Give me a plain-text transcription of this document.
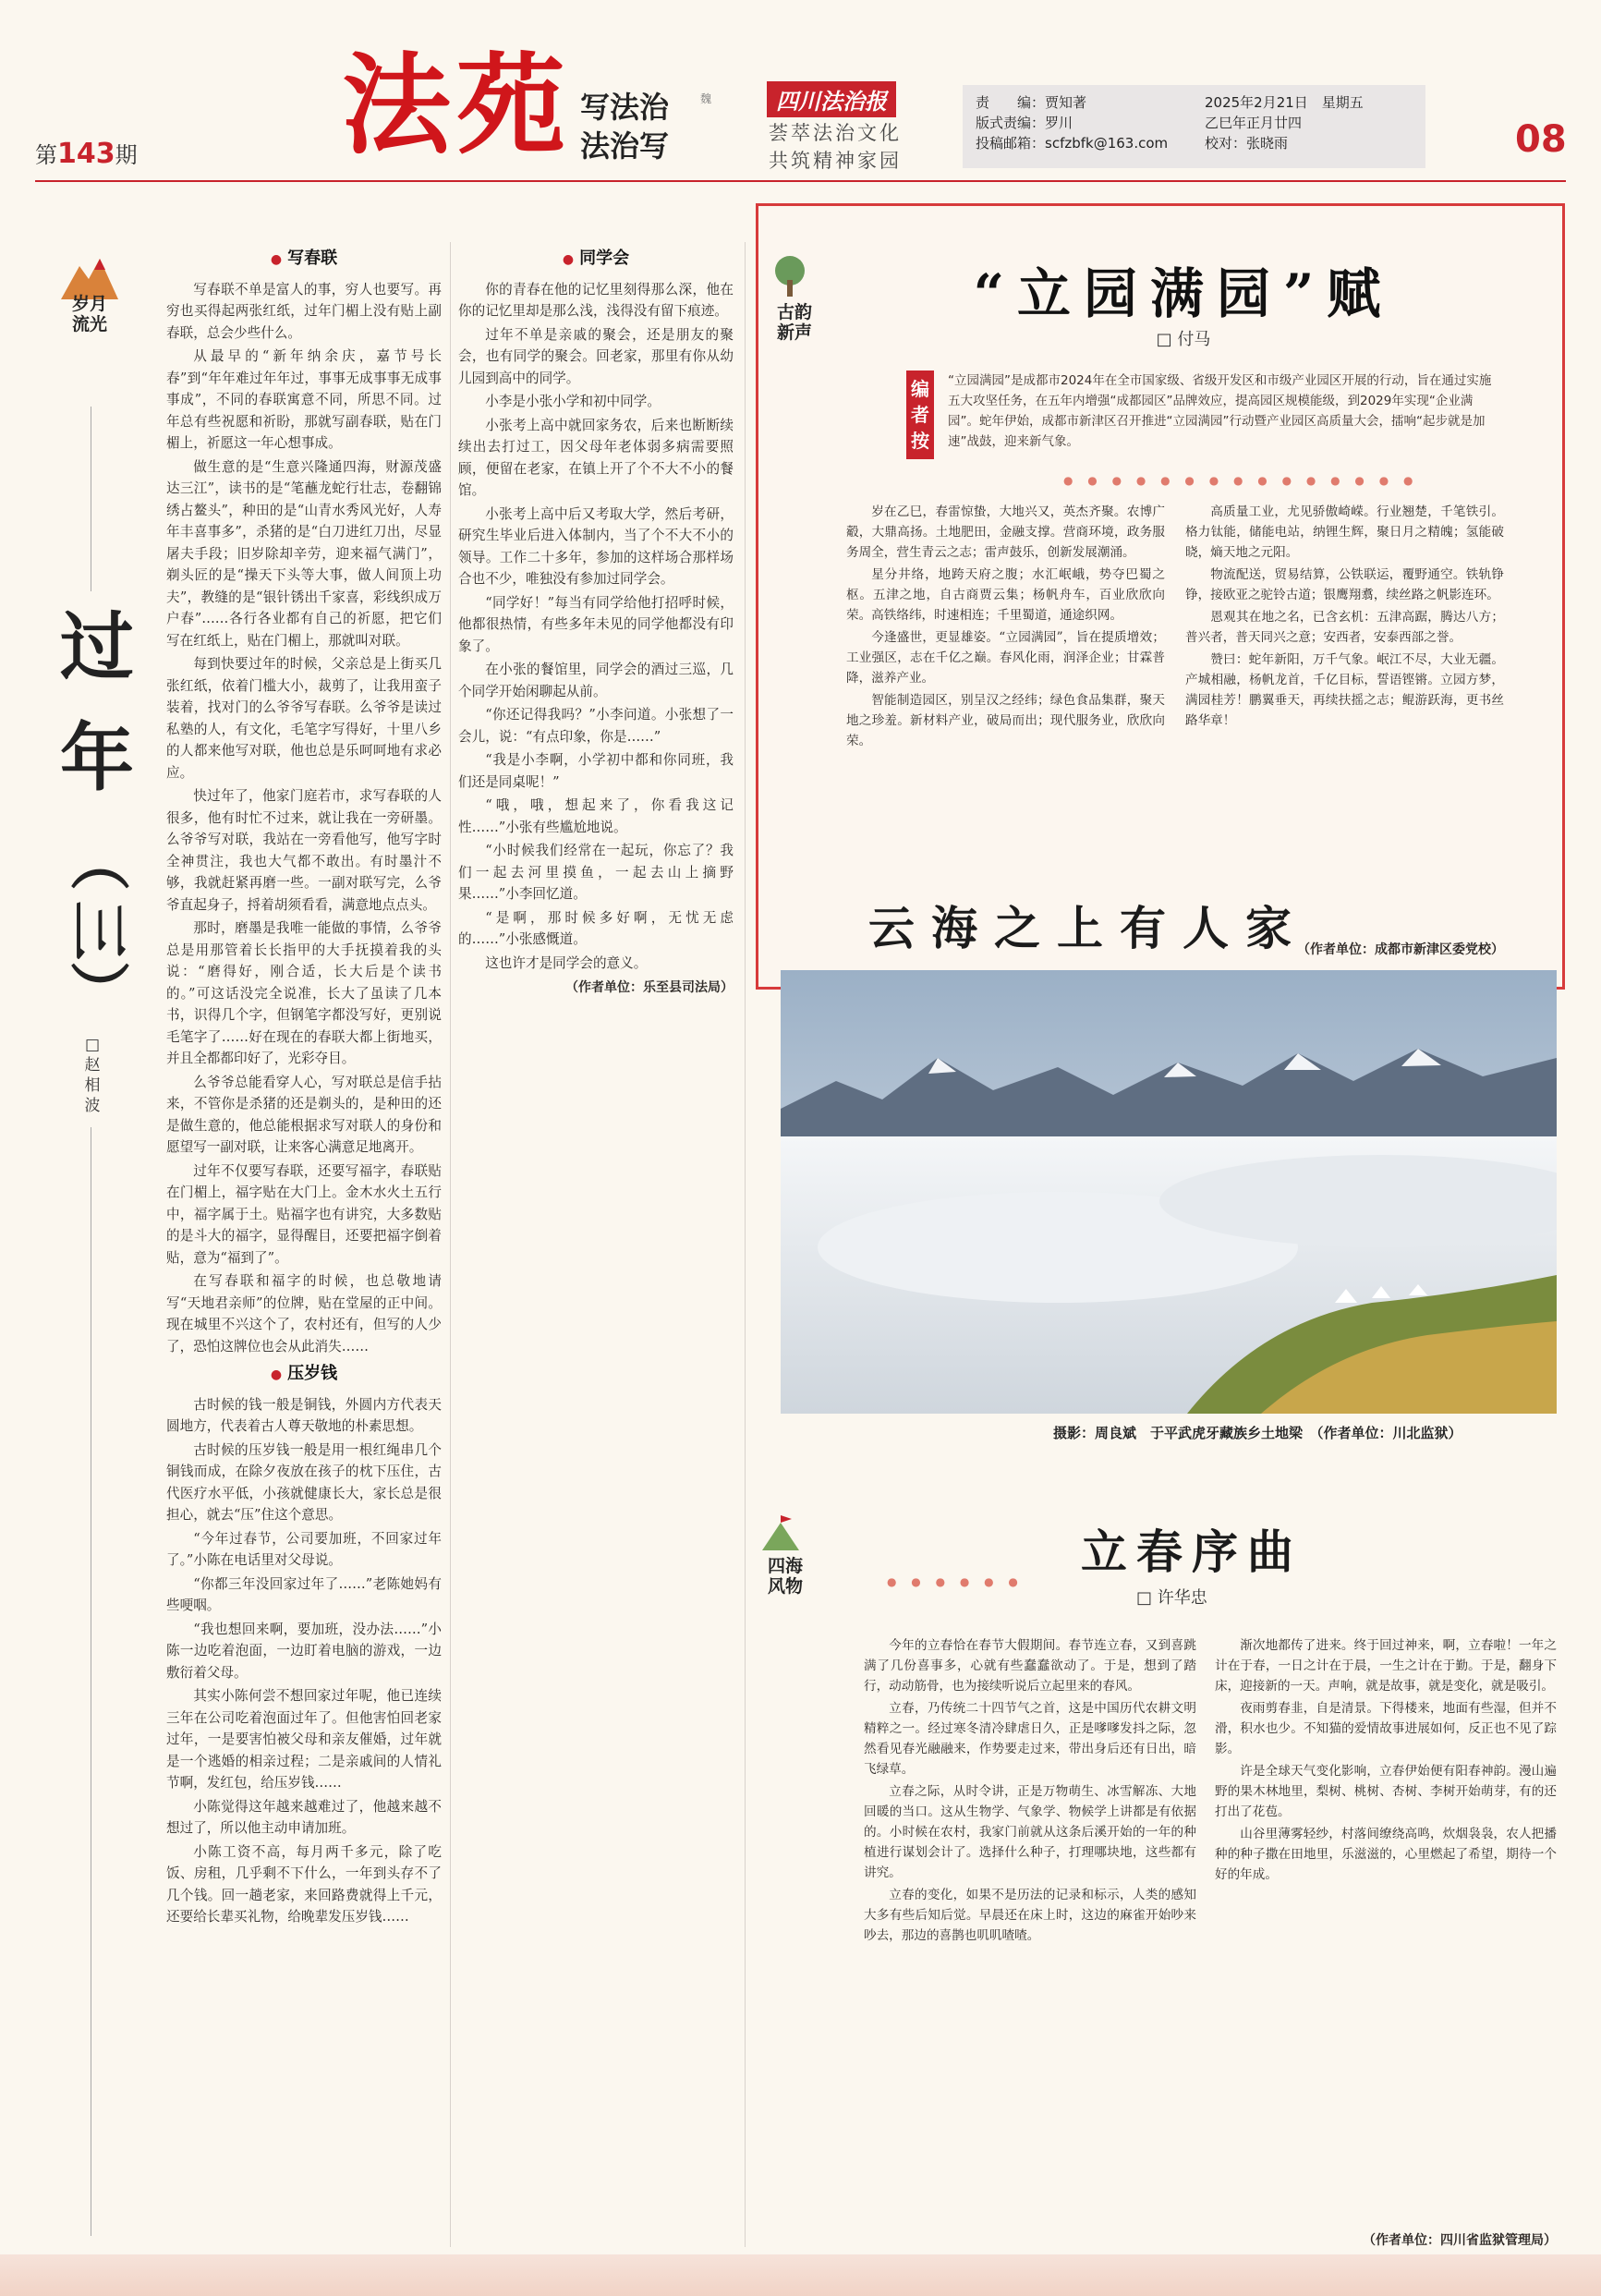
第143期 法苑 写法治
法治写
魏	四川法治报
荟萃法治文化
共筑精神家园
责　　编：贾知著
版式责编：罗川
投稿邮箱：scfzbfk@163.com
2025年2月21日　星期五
乙巳年正月廿四
校对：张晓雨	08
岁月
流光
过
年
（
三
）
□
赵
相
波
● 写春联

写春联不单是富人的事，穷人也要写。再穷也买得起两张红纸，过年门楣上没有贴上副春联，总会少些什么。

从最早的“新年纳余庆，嘉节号长春”到“年年难过年年过，事事无成事事无成事事成”，不同的春联寓意不同，所思不同。过年总有些祝愿和祈盼，那就写副春联，贴在门楣上，祈愿这一年心想事成。

做生意的是“生意兴隆通四海，财源茂盛达三江”，读书的是“笔蘸龙蛇行壮志，卷翻锦绣占鳌头”，种田的是“山青水秀风光好，人寿年丰喜事多”，杀猪的是“白刀进红刀出，尽显屠夫手段；旧岁除却辛劳，迎来福气满门”，剃头匠的是“操天下头等大事，做人间顶上功夫”，教缝的是“银针锈出千家喜，彩线织成万户春”……各行各业都有自己的祈愿，把它们写在红纸上，贴在门楣上，那就叫对联。

每到快要过年的时候，父亲总是上街买几张红纸，依着门槛大小，裁剪了，让我用蛮子装着，找对门的么爷爷写春联。么爷爷是读过私塾的人，有文化，毛笔字写得好，十里八乡的人都来他写对联，他也总是乐呵呵地有求必应。

快过年了，他家门庭若市，求写春联的人很多，他有时忙不过来，就让我在一旁研墨。么爷爷写对联，我站在一旁看他写，他写字时全神贯注，我也大气都不敢出。有时墨汁不够，我就赶紧再磨一些。一副对联写完，么爷爷直起身子，捋着胡须看看，满意地点点头。

那时，磨墨是我唯一能做的事情，么爷爷总是用那管着长长指甲的大手抚摸着我的头说：“磨得好，刚合适，长大后是个读书的。”可这话没完全说准，长大了虽读了几本书，识得几个字，但钢笔字都没写好，更别说毛笔字了……好在现在的春联大都上街地买，并且全都都印好了，光彩夺目。

么爷爷总能看穿人心，写对联总是信手拈来，不管你是杀猪的还是剃头的，是种田的还是做生意的，他总能根据求写对联人的身份和愿望写一副对联，让来客心满意足地离开。

过年不仅要写春联，还要写福字，春联贴在门楣上，福字贴在大门上。金木水火土五行中，福字属于土。贴福字也有讲究，大多数贴的是斗大的福字，显得醒目，还要把福字倒着贴，意为“福到了”。

在写春联和福字的时候，也总敬地请写“天地君亲师”的位牌，贴在堂屋的正中间。现在城里不兴这个了，农村还有，但写的人少了，恐怕这牌位也会从此消失……

● 压岁钱

古时候的钱一般是铜钱，外圆内方代表天圆地方，代表着古人尊天敬地的朴素思想。

古时候的压岁钱一般是用一根红绳串几个铜钱而成，在除夕夜放在孩子的枕下压住，古代医疗水平低，小孩就健康长大，家长总是很担心，就去“压”住这个意思。

“今年过春节，公司要加班，不回家过年了。”小陈在电话里对父母说。

“你都三年没回家过年了……”老陈她妈有些哽咽。

“我也想回来啊，要加班，没办法……”小陈一边吃着泡面，一边盯着电脑的游戏，一边敷衍着父母。

其实小陈何尝不想回家过年呢，他已连续三年在公司吃着泡面过年了。但他害怕回老家过年，一是要害怕被父母和亲友催婚，过年就是一个逃婚的相亲过程；二是亲戚间的人情礼节啊，发红包，给压岁钱……

小陈觉得这年越来越难过了，他越来越不想过了，所以他主动申请加班。

小陈工资不高，每月两千多元，除了吃饭、房租，几乎剩不下什么，一年到头存不了几个钱。回一趟老家，来回路费就得上千元，还要给长辈买礼物，给晚辈发压岁钱……

● 同学会

你的青春在他的记忆里刻得那么深，他在你的记忆里却是那么浅，浅得没有留下痕迹。

过年不单是亲戚的聚会，还是朋友的聚会，也有同学的聚会。回老家，那里有你从幼儿园到高中的同学。

小李是小张小学和初中同学。

小张考上高中就回家务农，后来也断断续续出去打过工，因父母年老体弱多病需要照顾，便留在老家，在镇上开了个不大不小的餐馆。

小张考上高中后又考取大学，然后考研，研究生毕业后进入体制内，当了个不大不小的领导。工作二十多年，参加的这样场合那样场合也不少，唯独没有参加过同学会。

“同学好！”每当有同学给他打招呼时候，他都很热情，有些多年未见的同学他都没有印象了。

在小张的餐馆里，同学会的酒过三巡，几个同学开始闲聊起从前。

“你还记得我吗？”小李问道。小张想了一会儿，说：“有点印象，你是……”

“我是小李啊，小学初中都和你同班，我们还是同桌呢！”

“哦，哦，想起来了，你看我这记性……”小张有些尴尬地说。

“小时候我们经常在一起玩，你忘了？我们一起去河里摸鱼，一起去山上摘野果……”小李回忆道。

“是啊，那时候多好啊，无忧无虑的……”小张感慨道。

这也许才是同学会的意义。

（作者单位：乐至县司法局）
古韵
新声
“立园满园”赋
□ 付马
编
者
按
“立园满园”是成都市2024年在全市国家级、省级开发区和市级产业园区开展的行动，旨在通过实施五大攻坚任务，在五年内增强“成都园区”品牌效应，提高园区规模能级，到2029年实现“企业满园”。蛇年伊始，成都市新津区召开推进“立园满园”行动暨产业园区高质量大会，擂响“起步就是加速”战鼓，迎来新气象。
● ● ● ● ● ● ● ● ● ● ● ● ● ● ●

岁在乙巳，春雷惊蛰，大地兴又，英杰齐聚。农博广觳，大鼎高扬。土地肥田，金融支撑。营商环境，政务服务周全，营生青云之志；雷声鼓乐，创新发展潮涌。

星分井络，地跨天府之腹；水汇岷峨，势夺巴蜀之枢。五津之地，自古商贾云集；杨帆舟车，百业欣欣向荣。高铁络纬，时速相连；千里蜀道，通途织网。

今逢盛世，更显雄姿。“立园满园”，旨在提质增效；工业强区，志在千亿之巅。春风化雨，润泽企业；甘霖普降，滋养产业。

智能制造园区，别呈汉之经纬；绿色食品集群，聚天地之珍羞。新材料产业，破局而出；现代服务业，欣欣向荣。

高质量工业，尤见骄傲崎嵘。行业翘楚，千笔铁引。格力钛能，储能电站，纳锂生辉，聚日月之精魄；氢能破晓，熵天地之元阳。

物流配送，贸易结算，公铁联运，覆野通空。铁轨铮铮，接欧亚之驼铃古道；银鹰翔翥，续丝路之帆影连环。

恩观其在地之名，已含玄机：五津高踞，腾达八方；普兴者，普天同兴之意；安西者，安泰西部之誉。

赞曰：蛇年新阳，万千气象。岷江不尽，大业无疆。产城相融，杨帆龙首，千亿目标，誓语铿锵。立园方梦，满园桂芳！鹏翼垂天，再续扶摇之志；鲲游跃海，更书丝路华章！

（作者单位：成都市新津区委党校）
云海之上有人家
摄影：周良斌　于平武虎牙藏族乡土地梁　（作者单位：川北监狱）
四海
风物
立春序曲
□ 许华忠
● ● ● ● ● ●

今年的立春恰在春节大假期间。春节连立春，又到喜跳满了几份喜事多，心就有些蠢蠢欲动了。于是，想到了踏行，动动筋骨，也为接续听说后立起里来的春风。

立春，乃传统二十四节气之首，这是中国历代农耕文明精粹之一。经过寒冬清冷肆虐日久，正是嗲嗲发抖之际，忽然看见春光融融来，作势要走过来，带出身后还有日出，暗飞绿草。

立春之际，从时令讲，正是万物萌生、冰雪解冻、大地回暖的当口。这从生物学、气象学、物候学上讲都是有依据的。小时候在农村，我家门前就从这条后溪开始的一年的种植进行谋划会计了。选择什么种子，打理哪块地，这些都有讲究。

立春的变化，如果不是历法的记录和标示，人类的感知大多有些后知后觉。早晨还在床上时，这边的麻雀开始吵来吵去，那边的喜鹊也叽叽喳喳。

渐次地都传了进来。终于回过神来，啊，立春啦！一年之计在于春，一日之计在于晨，一生之计在于勤。于是，翻身下床，迎接新的一天。声响，就是故事，就是变化，就是吸引。

夜雨剪春韭，自是清景。下得楼来，地面有些湿，但并不滑，积水也少。不知猫的爱情故事进展如何，反正也不见了踪影。

许是全球天气变化影响，立春伊始便有阳春神韵。漫山遍野的果木林地里，梨树、桃树、杏树、李树开始萌芽，有的还打出了花苞。

山谷里薄雾轻纱，村落间缭绕高鸣，炊烟袅袅，农人把播种的种子撒在田地里，乐滋滋的，心里燃起了希望，期待一个好的年成。

（作者单位：四川省监狱管理局）
